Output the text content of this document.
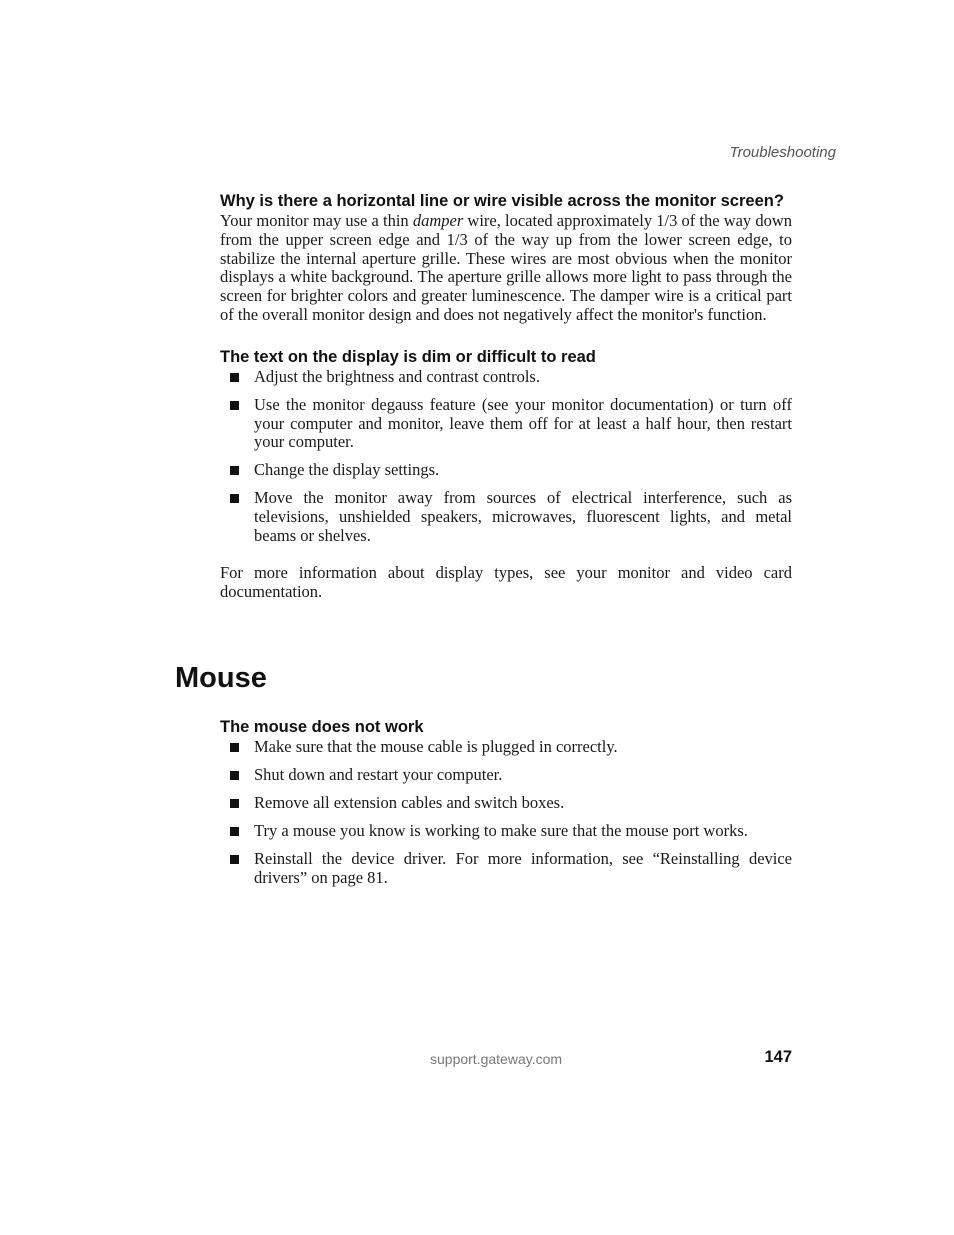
Troubleshooting
Why is there a horizontal line or wire visible across the monitor screen?

Your monitor may use a thin damper wire, located approximately 1/3 of the way down from the upper screen edge and 1/3 of the way up from the lower screen edge, to stabilize the internal aperture grille. These wires are most obvious when the monitor displays a white background. The aperture grille allows more light to pass through the screen for brighter colors and greater luminescence. The damper wire is a critical part of the overall monitor design and does not negatively affect the monitor's function.

The text on the display is dim or difficult to read
Adjust the brightness and contrast controls.
Use the monitor degauss feature (see your monitor documentation) or turn off your computer and monitor, leave them off for at least a half hour, then restart your computer.
Change the display settings.
Move the monitor away from sources of electrical interference, such as televisions, unshielded speakers, microwaves, fluorescent lights, and metal beams or shelves.

For more information about display types, see your monitor and video card documentation.

Mouse
The mouse does not work
Make sure that the mouse cable is plugged in correctly.
Shut down and restart your computer.
Remove all extension cables and switch boxes.
Try a mouse you know is working to make sure that the mouse port works.
Reinstall the device driver. For more information, see “Reinstalling device drivers” on page 81.
support.gateway.com	147
